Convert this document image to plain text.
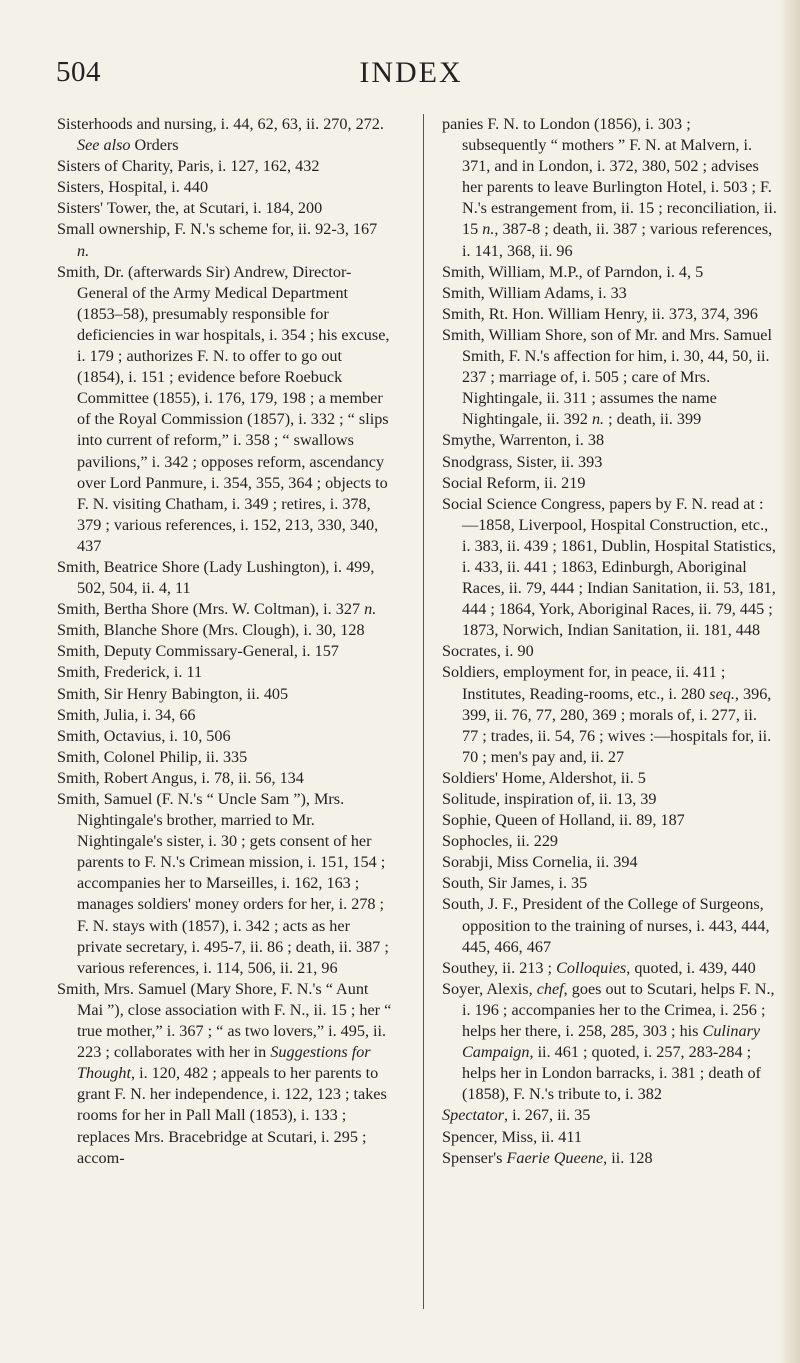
504	INDEX

Sisterhoods and nursing, i. 44, 62, 63, ii. 270, 272. See also Orders

Sisters of Charity, Paris, i. 127, 162, 432

Sisters, Hospital, i. 440

Sisters' Tower, the, at Scutari, i. 184, 200

Small ownership, F. N.'s scheme for, ii. 92-3, 167 n.

Smith, Dr. (afterwards Sir) Andrew, Director-General of the Army Medical Department (1853–58), presumably responsible for deficiencies in war hospitals, i. 354 ; his excuse, i. 179 ; authorizes F. N. to offer to go out (1854), i. 151 ; evidence before Roebuck Committee (1855), i. 176, 179, 198 ; a member of the Royal Commission (1857), i. 332 ; “ slips into current of reform,” i. 358 ; “ swallows pavilions,” i. 342 ; opposes reform, ascendancy over Lord Panmure, i. 354, 355, 364 ; objects to F. N. visiting Chatham, i. 349 ; retires, i. 378, 379 ; various references, i. 152, 213, 330, 340, 437

Smith, Beatrice Shore (Lady Lushington), i. 499, 502, 504, ii. 4, 11

Smith, Bertha Shore (Mrs. W. Coltman), i. 327 n.

Smith, Blanche Shore (Mrs. Clough), i. 30, 128

Smith, Deputy Commissary-General, i. 157

Smith, Frederick, i. 11

Smith, Sir Henry Babington, ii. 405

Smith, Julia, i. 34, 66

Smith, Octavius, i. 10, 506

Smith, Colonel Philip, ii. 335

Smith, Robert Angus, i. 78, ii. 56, 134

Smith, Samuel (F. N.'s “ Uncle Sam ”), Mrs. Nightingale's brother, married to Mr. Nightingale's sister, i. 30 ; gets consent of her parents to F. N.'s Crimean mission, i. 151, 154 ; accompanies her to Marseilles, i. 162, 163 ; manages soldiers' money orders for her, i. 278 ; F. N. stays with (1857), i. 342 ; acts as her private secretary, i. 495-7, ii. 86 ; death, ii. 387 ; various references, i. 114, 506, ii. 21, 96

Smith, Mrs. Samuel (Mary Shore, F. N.'s “ Aunt Mai ”), close association with F. N., ii. 15 ; her “ true mother,” i. 367 ; “ as two lovers,” i. 495, ii. 223 ; collaborates with her in Suggestions for Thought, i. 120, 482 ; appeals to her parents to grant F. N. her independence, i. 122, 123 ; takes rooms for her in Pall Mall (1853), i. 133 ; replaces Mrs. Bracebridge at Scutari, i. 295 ; accom-

panies F. N. to London (1856), i. 303 ; subsequently “ mothers ” F. N. at Malvern, i. 371, and in London, i. 372, 380, 502 ; advises her parents to leave Burlington Hotel, i. 503 ; F. N.'s estrangement from, ii. 15 ; reconciliation, ii. 15 n., 387-8 ; death, ii. 387 ; various references, i. 141, 368, ii. 96

Smith, William, M.P., of Parndon, i. 4, 5

Smith, William Adams, i. 33

Smith, Rt. Hon. William Henry, ii. 373, 374, 396

Smith, William Shore, son of Mr. and Mrs. Samuel Smith, F. N.'s affection for him, i. 30, 44, 50, ii. 237 ; marriage of, i. 505 ; care of Mrs. Nightingale, ii. 311 ; assumes the name Nightingale, ii. 392 n. ; death, ii. 399

Smythe, Warrenton, i. 38

Snodgrass, Sister, ii. 393

Social Reform, ii. 219

Social Science Congress, papers by F. N. read at :—1858, Liverpool, Hospital Construction, etc., i. 383, ii. 439 ; 1861, Dublin, Hospital Statistics, i. 433, ii. 441 ; 1863, Edinburgh, Aboriginal Races, ii. 79, 444 ; Indian Sanitation, ii. 53, 181, 444 ; 1864, York, Aboriginal Races, ii. 79, 445 ; 1873, Norwich, Indian Sanitation, ii. 181, 448

Socrates, i. 90

Soldiers, employment for, in peace, ii. 411 ; Institutes, Reading-rooms, etc., i. 280 seq., 396, 399, ii. 76, 77, 280, 369 ; morals of, i. 277, ii. 77 ; trades, ii. 54, 76 ; wives :—hospitals for, ii. 70 ; men's pay and, ii. 27

Soldiers' Home, Aldershot, ii. 5

Solitude, inspiration of, ii. 13, 39

Sophie, Queen of Holland, ii. 89, 187

Sophocles, ii. 229

Sorabji, Miss Cornelia, ii. 394

South, Sir James, i. 35

South, J. F., President of the College of Surgeons, opposition to the training of nurses, i. 443, 444, 445, 466, 467

Southey, ii. 213 ; Colloquies, quoted, i. 439, 440

Soyer, Alexis, chef, goes out to Scutari, helps F. N., i. 196 ; accompanies her to the Crimea, i. 256 ; helps her there, i. 258, 285, 303 ; his Culinary Campaign, ii. 461 ; quoted, i. 257, 283-284 ; helps her in London barracks, i. 381 ; death of (1858), F. N.'s tribute to, i. 382

Spectator, i. 267, ii. 35

Spencer, Miss, ii. 411

Spenser's Faerie Queene, ii. 128
